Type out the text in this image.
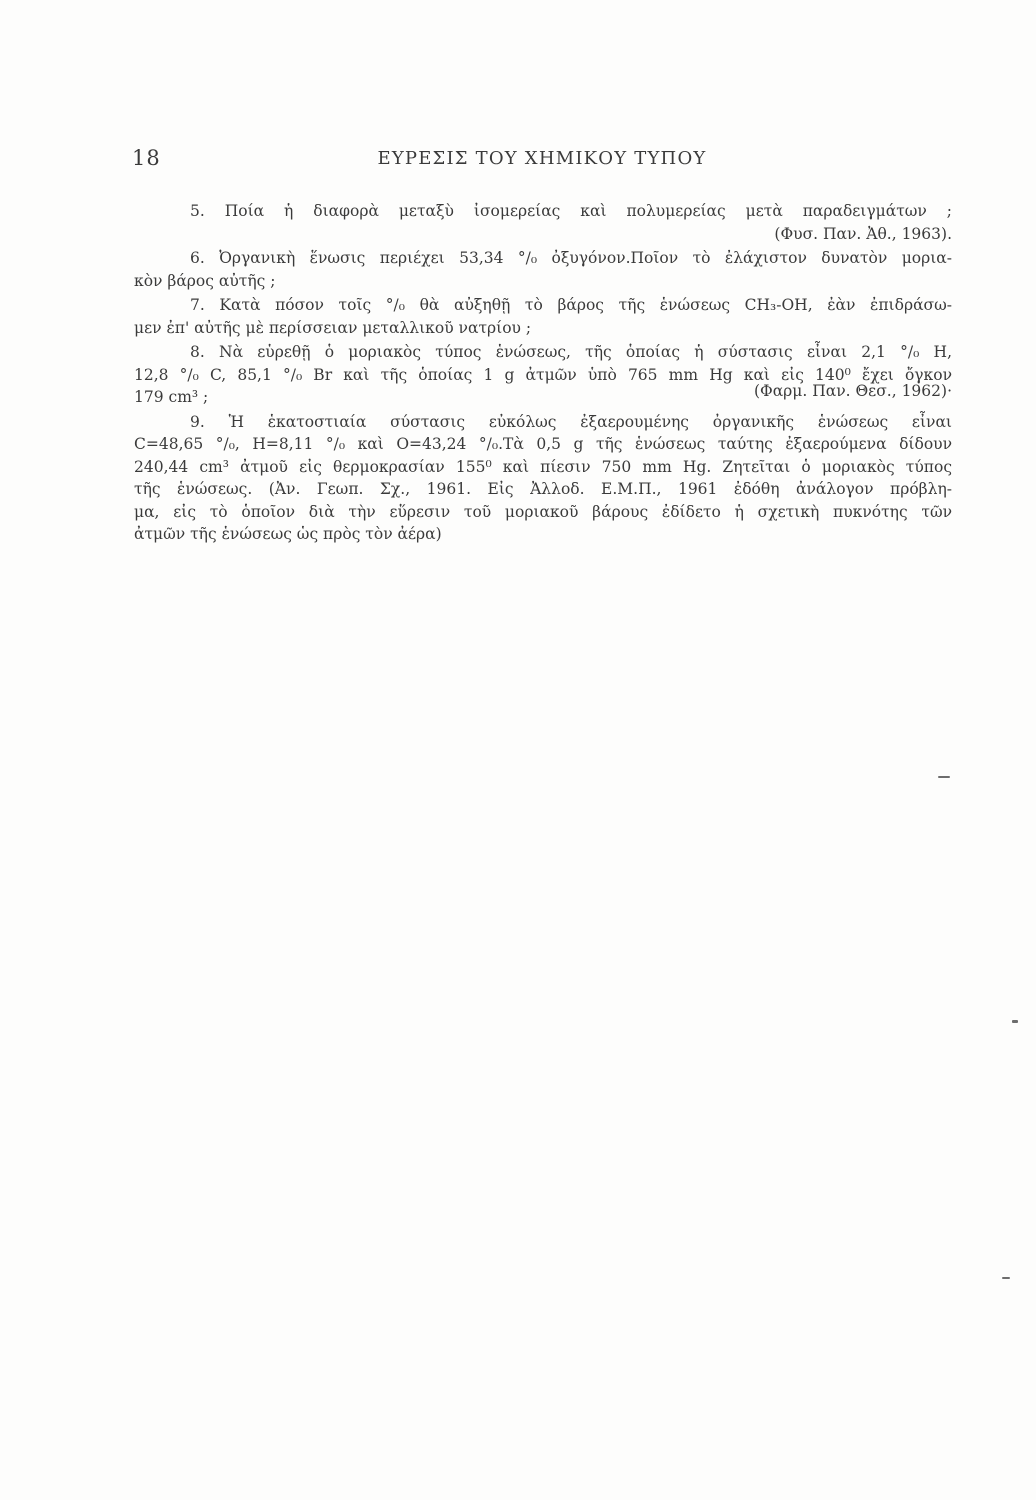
18	ΕΥΡΕΣΙΣ ΤΟΥ ΧΗΜΙΚΟΥ ΤΥΠΟΥ
5. Ποία ἡ διαφορὰ μεταξὺ ἰσομερείας καὶ πολυμερείας μετὰ παραδειγμάτων ;
(Φυσ. Παν. Ἀθ., 1963).
6. Ὀργανικὴ ἕνωσις περιέχει 53,34 °/₀ ὀξυγόνον.Ποῖον τὸ ἐλάχιστον δυνατὸν μορια-
κὸν βάρος αὐτῆς ;
7. Κατὰ πόσον τοῖς °/₀ θὰ αὐξηθῇ τὸ βάρος τῆς ἑνώσεως CH₃-OH, ἐὰν ἐπιδράσω-
μεν ἐπ' αὐτῆς μὲ περίσσειαν μεταλλικοῦ νατρίου ;
8. Νὰ εὑρεθῇ ὁ μοριακὸς τύπος ἑνώσεως, τῆς ὁποίας ἡ σύστασις εἶναι 2,1 °/₀ H,
12,8 °/₀ C, 85,1 °/₀ Br καὶ τῆς ὁποίας 1 g ἀτμῶν ὑπὸ 765 mm Hg καὶ εἰς 140⁰ ἔχει ὄγκον
179 cm³ ;	(Φαρμ. Παν. Θεσ., 1962)·
9. Ἡ ἑκατοστιαία σύστασις εὐκόλως ἐξαερουμένης ὀργανικῆς ἑνώσεως εἶναι
C=48,65 °/₀, H=8,11 °/₀ καὶ O=43,24 °/₀.Τὰ 0,5 g τῆς ἑνώσεως ταύτης ἐξαερούμενα δίδουν
240,44 cm³ ἀτμοῦ εἰς θερμοκρασίαν 155⁰ καὶ πίεσιν 750 mm Hg. Ζητεῖται ὁ μοριακὸς τύπος
τῆς ἑνώσεως. (Ἀν. Γεωπ. Σχ., 1961. Εἰς Ἀλλοδ. Ε.Μ.Π., 1961 ἐδόθη ἀνάλογον πρόβλη-
μα, εἰς τὸ ὁποῖον διὰ τὴν εὕρεσιν τοῦ μοριακοῦ βάρους ἐδίδετο ἡ σχετικὴ πυκνότης τῶν
ἀτμῶν τῆς ἑνώσεως ὡς πρὸς τὸν ἀέρα)
